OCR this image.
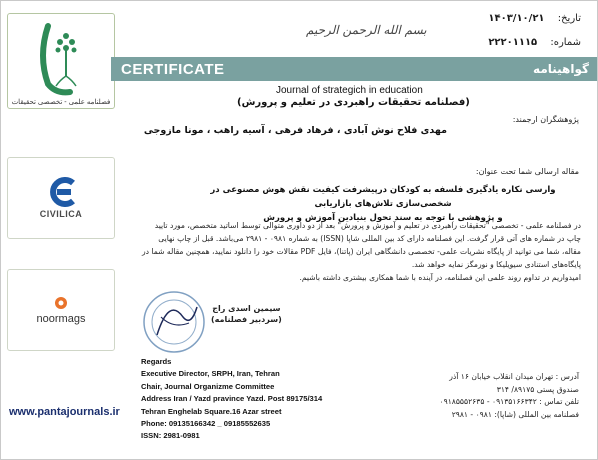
فصلنامه علمی - تخصصی تحقیقات
CIVILICA
noormags
تاریخ: ۱۴۰۳/۱۰/۲۱
شماره: ۲۲۲۰۱۱۱۵
بسم الله الرحمن الرحیم
CERTIFICATE	گواهینامه
Journal of strategich in education
(فصلنامه تحقیقات راهبردی در تعلیم و پرورش)
پژوهشگران ارجمند:
مهدی فلاح نوش آبادی ، فرهاد فرهی ، آسیه راهب ، مونا مازوجی
مقاله ارسالی شما تحت عنوان:
وارسی نکاره یادگیری فلسفه به کودکان درپیشرفت کیفیت نقش هوش مصنوعی در شخصی‌سازی تلاش‌های بازاریابی
و پژوهشی با توجه به سند تحول بنیادین آموزش و پرورش
در فصلنامه علمی - تخصصی "تحقیقات راهبردی در تعلیم و آموزش و پرورش" بعد از دو داوری متوالی توسط اساتید متخصص، مورد تایید
چاپ در شماره های آتی قرار گرفت. این فصلنامه دارای کد بین المللی شاپا (ISSN) به شماره ۰۹۸۱ - ۲۹۸۱ می‌باشد. قبل از چاپ نهایی
مقاله، شما می توانید از پایگاه نشریات علمی- تخصصی دانشگاهی ایران (پاتنا)، فایل PDF مقالات خود را دانلود نمایید، همچنین مقاله شما در
پایگاه‌های استنادی سیویلیکا و نورمگز نمایه خواهد شد.
امیدواریم در تداوم روند علمی این فصلنامه، در آینده با شما همکاری بیشتری داشته باشیم.
سیمین اسدی راج
(سردبیر فصلنامه)
Regards
Executive Director, SRPH, Iran, Tehran
Chair, Journal Organizme Committee
Address Iran / Yazd pravince Yazd. Post 89175/314
Tehran Enghelab Square.16 Azar street
Phone: 09135166342 _ 09185552635
ISSN: 2981-0981
www.pantajournals.ir
آدرس : تهران میدان انقلاب خیابان ۱۶ آذر
صندوق پستی ۸۹۱۷۵/ ۳۱۴
تلفن تماس : ۰۹۱۳۵۱۶۶۳۴۲ - ۰۹۱۸۵۵۵۲۶۳۵
فصلنامه بین المللی (شاپا): ۰۹۸۱ - ۲۹۸۱
